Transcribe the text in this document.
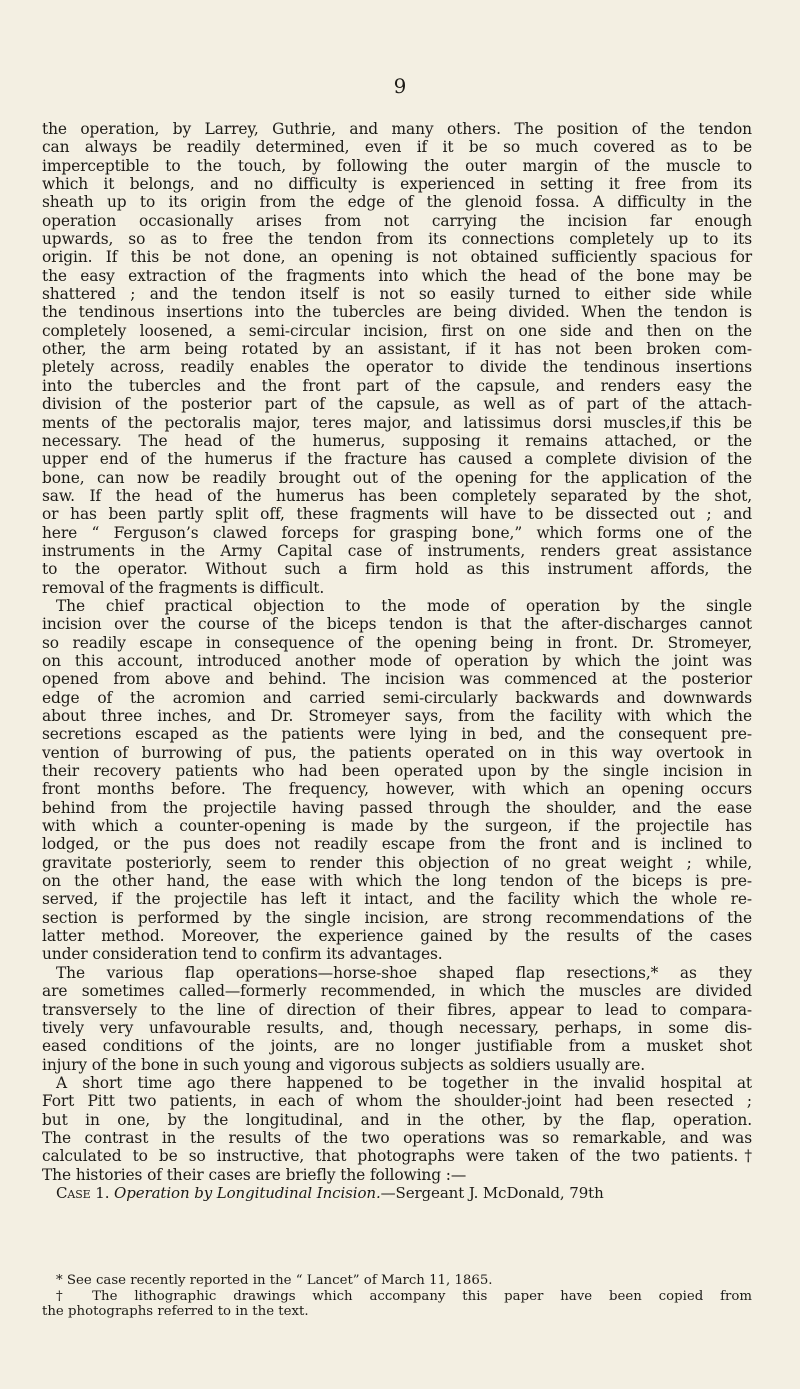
9
the operation, by Larrey, Guthrie, and many others. The position of the tendon
can always be readily determined, even if it be so much covered as to be
imperceptible to the touch, by following the outer margin of the muscle to
which it belongs, and no difficulty is experienced in setting it free from its
sheath up to its origin from the edge of the glenoid fossa. A difficulty in the
operation occasionally arises from not carrying the incision far enough
upwards, so as to free the tendon from its connections completely up to its
origin. If this be not done, an opening is not obtained sufficiently spacious for
the easy extraction of the fragments into which the head of the bone may be
shattered ; and the tendon itself is not so easily turned to either side while
the tendinous insertions into the tubercles are being divided. When the tendon is
completely loosened, a semi-circular incision, first on one side and then on the
other, the arm being rotated by an assistant, if it has not been broken com-
pletely across, readily enables the operator to divide the tendinous insertions
into the tubercles and the front part of the capsule, and renders easy the
division of the posterior part of the capsule, as well as of part of the attach-
ments of the pectoralis major, teres major, and latissimus dorsi muscles,if this be
necessary. The head of the humerus, supposing it remains attached, or the
upper end of the humerus if the fracture has caused a complete division of the
bone, can now be readily brought out of the opening for the application of the
saw. If the head of the humerus has been completely separated by the shot,
or has been partly split off, these fragments will have to be dissected out ; and
here “ Ferguson’s clawed forceps for grasping bone,” which forms one of the
instruments in the Army Capital case of instruments, renders great assistance
to the operator. Without such a firm hold as this instrument affords, the
removal of the fragments is difficult.
The chief practical objection to the mode of operation by the single
incision over the course of the biceps tendon is that the after-discharges cannot
so readily escape in consequence of the opening being in front. Dr. Stromeyer,
on this account, introduced another mode of operation by which the joint was
opened from above and behind. The incision was commenced at the posterior
edge of the acromion and carried semi-circularly backwards and downwards
about three inches, and Dr. Stromeyer says, from the facility with which the
secretions escaped as the patients were lying in bed, and the consequent pre-
vention of burrowing of pus, the patients operated on in this way overtook in
their recovery patients who had been operated upon by the single incision in
front months before. The frequency, however, with which an opening occurs
behind from the projectile having passed through the shoulder, and the ease
with which a counter-opening is made by the surgeon, if the projectile has
lodged, or the pus does not readily escape from the front and is inclined to
gravitate posteriorly, seem to render this objection of no great weight ; while,
on the other hand, the ease with which the long tendon of the biceps is pre-
served, if the projectile has left it intact, and the facility which the whole re-
section is performed by the single incision, are strong recommendations of the
latter method. Moreover, the experience gained by the results of the cases
under consideration tend to confirm its advantages.
The various flap operations—horse-shoe shaped flap resections,* as they
are sometimes called—formerly recommended, in which the muscles are divided
transversely to the line of direction of their fibres, appear to lead to compara-
tively very unfavourable results, and, though necessary, perhaps, in some dis-
eased conditions of the joints, are no longer justifiable from a musket shot
injury of the bone in such young and vigorous subjects as soldiers usually are.
A short time ago there happened to be together in the invalid hospital at
Fort Pitt two patients, in each of whom the shoulder-joint had been resected ;
but in one, by the longitudinal, and in the other, by the flap, operation.
The contrast in the results of the two operations was so remarkable, and was
calculated to be so instructive, that photographs were taken of the two patients.†
The histories of their cases are briefly the following :—
Case 1. Operation by Longitudinal Incision.—Sergeant J. McDonald, 79th
* See case recently reported in the “ Lancet” of March 11, 1865.
† The lithographic drawings which accompany this paper have been copied from
the photographs referred to in the text.
